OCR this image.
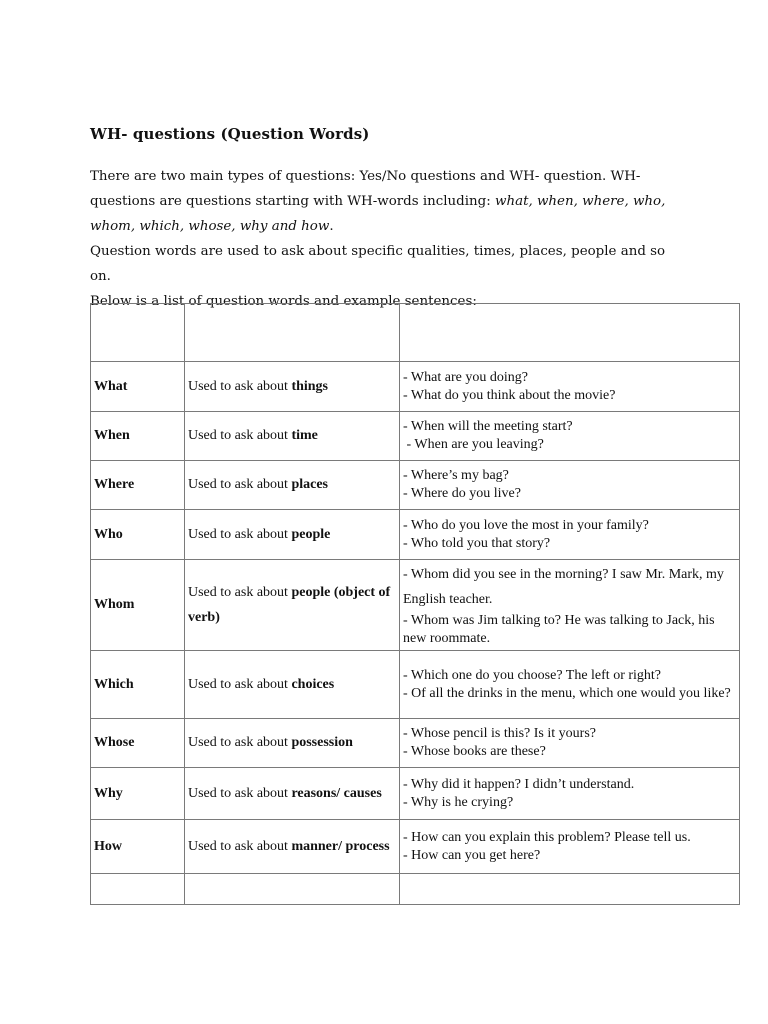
WH- questions (Question Words)

There are two main types of questions: Yes/No questions and WH- question. WH-questions are questions starting with WH-words including: what, when, where, who, whom, which, whose, why and how.

Question words are used to ask about specific qualities, times, places, people and so on.

Below is a list of question words and example sentences:

What	Used to ask about things	- What are you doing?
- What do you think about the movie?

When	Used to ask about time	- When will the meeting start?
- When are you leaving?

Where	Used to ask about places	- Where’s my bag?
- Where do you live?

Who	Used to ask about people	- Who do you love the most in your family?
- Who told you that story?

Whom	Used to ask about people (object of verb)	- Whom did you see in the morning? I saw Mr. Mark, my English teacher.
- Whom was Jim talking to? He was talking to Jack, his new roommate.

Which	Used to ask about choices	- Which one do you choose? The left or right?
- Of all the drinks in the menu, which one would you like?

Whose	Used to ask about possession	- Whose pencil is this? Is it yours?
- Whose books are these?

Why	Used to ask about reasons/ causes	- Why did it happen? I didn’t understand.
- Why is he crying?

How	Used to ask about manner/ process	- How can you explain this problem? Please tell us.
- How can you get here?
